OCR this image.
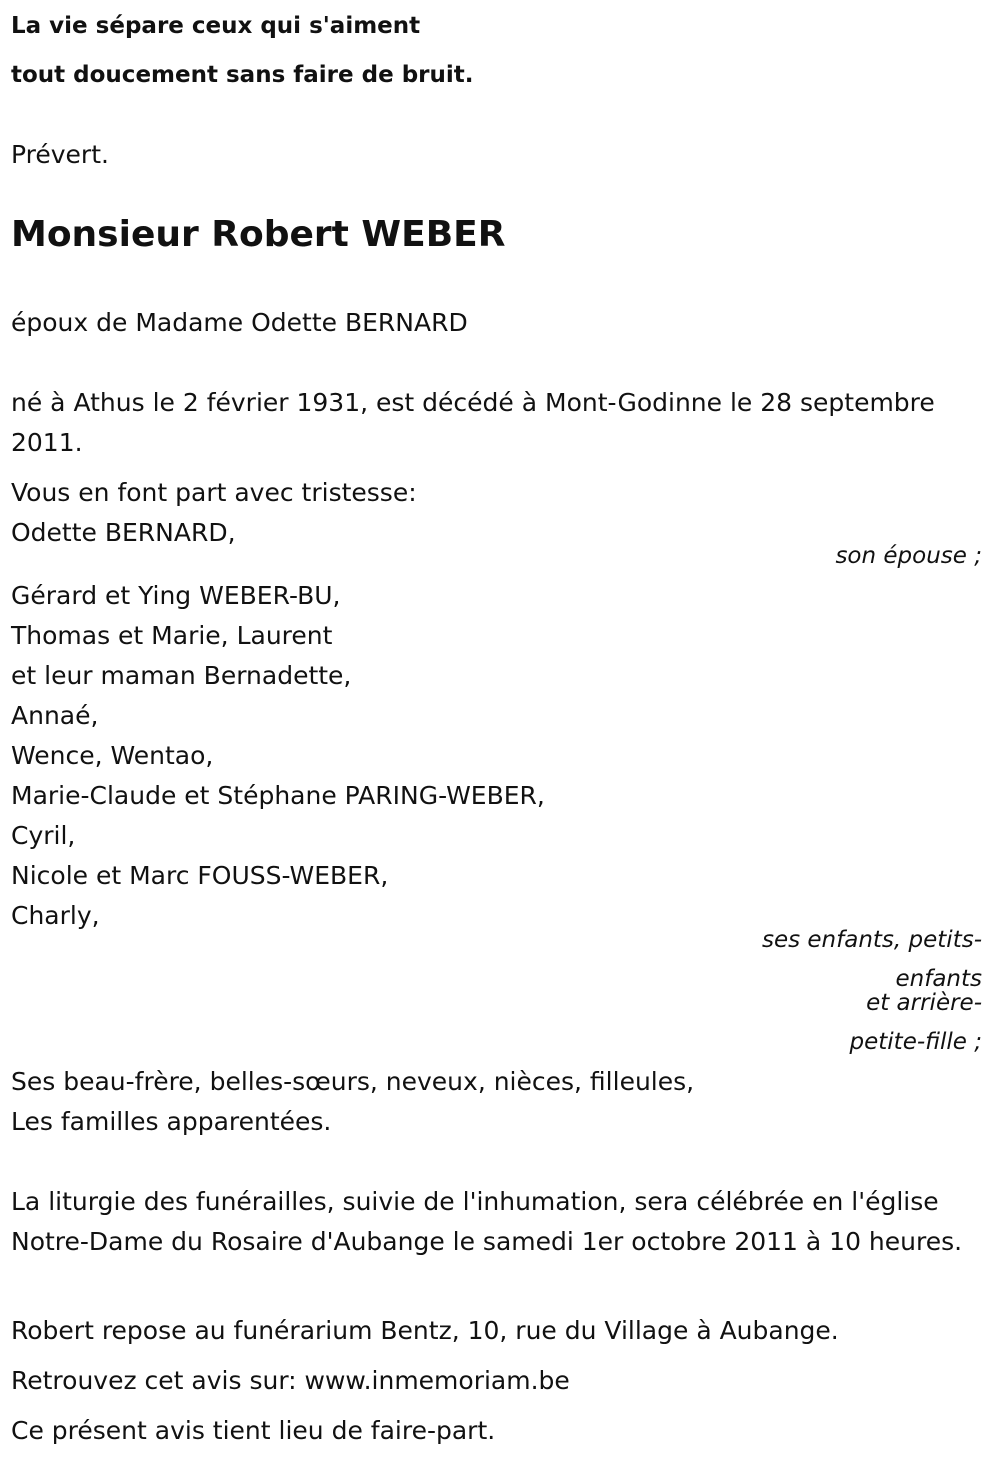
La vie sépare ceux qui s'aiment
tout doucement sans faire de bruit.
Prévert.
Monsieur Robert WEBER
époux de Madame Odette BERNARD
né à Athus le 2 février 1931, est décédé à Mont-Godinne le 28 septembre 2011.
Vous en font part avec tristesse:
Odette BERNARD,
son épouse ;
Gérard et Ying WEBER-BU,
Thomas et Marie, Laurent
et leur maman Bernadette,
Annaé,
Wence, Wentao,
Marie-Claude et Stéphane PARING-WEBER,
Cyril,
Nicole et Marc FOUSS-WEBER,
Charly,
ses enfants, petits-
enfants
et arrière-
petite-fille ;
Ses beau-frère, belles-sœurs, neveux, nièces, filleules,
Les familles apparentées.
La liturgie des funérailles, suivie de l'inhumation, sera célébrée en l'église Notre-Dame du Rosaire d'Aubange le samedi 1er octobre 2011 à 10 heures.
Robert repose au funérarium Bentz, 10, rue du Village à Aubange.
Retrouvez cet avis sur: www.inmemoriam.be
Ce présent avis tient lieu de faire-part.
